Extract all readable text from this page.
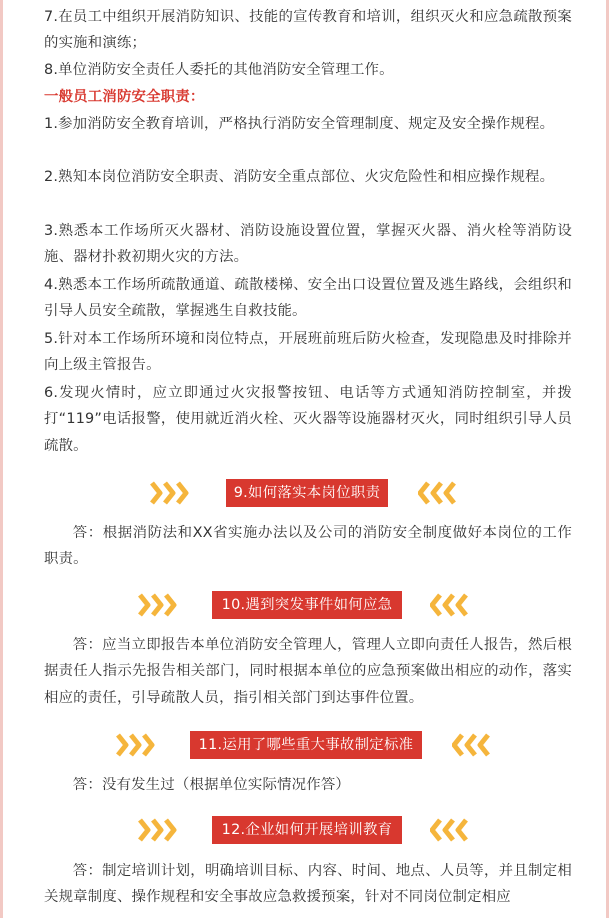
7.在员工中组织开展消防知识、技能的宣传教育和培训，组织灭火和应急疏散预案的实施和演练；

8.单位消防安全责任人委托的其他消防安全管理工作。

一般员工消防安全职责：

1.参加消防安全教育培训，严格执行消防安全管理制度、规定及安全操作规程。

2.熟知本岗位消防安全职责、消防安全重点部位、火灾危险性和相应操作规程。

3.熟悉本工作场所灭火器材、消防设施设置位置，掌握灭火器、消火栓等消防设施、器材扑救初期火灾的方法。

4.熟悉本工作场所疏散通道、疏散楼梯、安全出口设置位置及逃生路线，会组织和引导人员安全疏散，掌握逃生自救技能。

5.针对本工作场所环境和岗位特点，开展班前班后防火检查，发现隐患及时排除并向上级主管报告。

6.发现火情时，应立即通过火灾报警按钮、电话等方式通知消防控制室，并拨打“119”电话报警，使用就近消火栓、灭火器等设施器材灭火，同时组织引导人员疏散。

9.如何落实本岗位职责

答：根据消防法和XX省实施办法以及公司的消防安全制度做好本岗位的工作职责。

10.遇到突发事件如何应急

答：应当立即报告本单位消防安全管理人，管理人立即向责任人报告，然后根据责任人指示先报告相关部门，同时根据本单位的应急预案做出相应的动作，落实相应的责任，引导疏散人员，指引相关部门到达事件位置。

11.运用了哪些重大事故制定标准

答：没有发生过（根据单位实际情况作答）

12.企业如何开展培训教育

答：制定培训计划，明确培训目标、内容、时间、地点、人员等，并且制定相关规章制度、操作规程和安全事故应急救援预案，针对不同岗位制定相应
